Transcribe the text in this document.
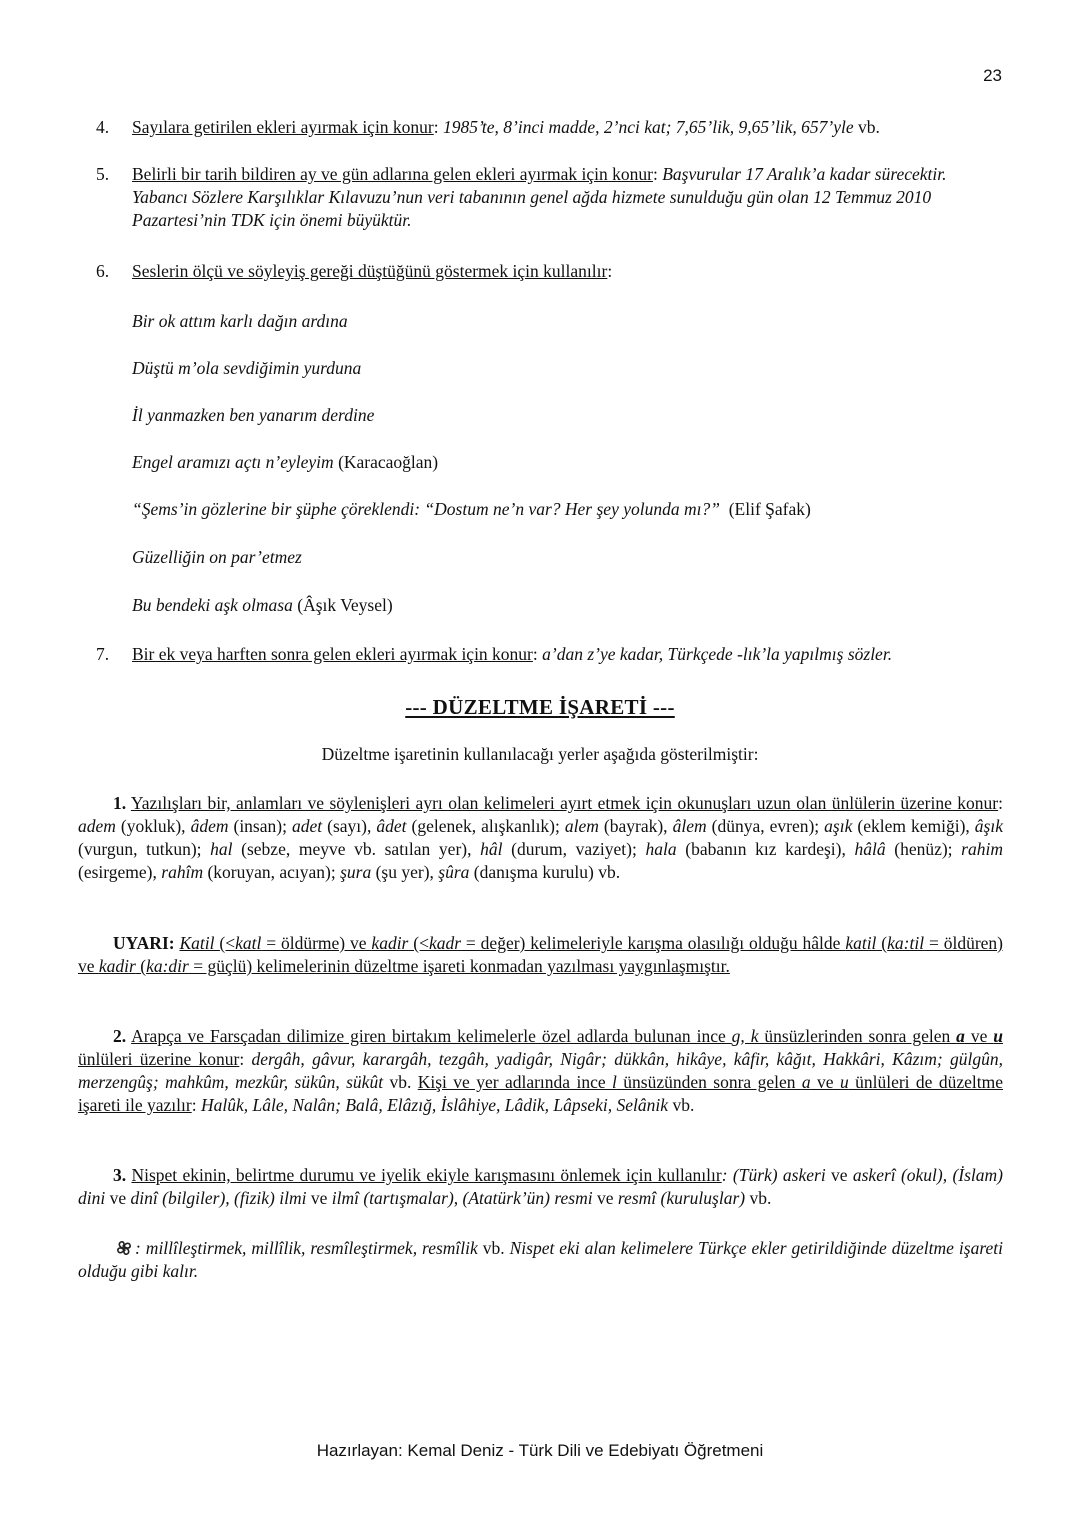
23
4.	Sayılara getirilen ekleri ayırmak için konur: 1985’te, 8’inci madde, 2’nci kat; 7,65’lik, 9,65’lik, 657’yle vb.
5.	Belirli bir tarih bildiren ay ve gün adlarına gelen ekleri ayırmak için konur: Başvurular 17 Aralık’a kadar sürecektir. Yabancı Sözlere Karşılıklar Kılavuzu’nun veri tabanının genel ağda hizmete sunulduğu gün olan 12 Temmuz 2010 Pazartesi’nin TDK için önemi büyüktür.
6.	Seslerin ölçü ve söyleyiş gereği düştüğünü göstermek için kullanılır:
Bir ok attım karlı dağın ardına
Düştü m’ola sevdiğimin yurduna
İl yanmazken ben yanarım derdine
Engel aramızı açtı n’eyleyim (Karacaoğlan)
“Şems’in gözlerine bir şüphe çöreklendi: “Dostum ne’n var? Her şey yolunda mı?”  (Elif Şafak)
Güzelliğin on par’etmez
Bu bendeki aşk olmasa (Âşık Veysel)
7.	Bir ek veya harften sonra gelen ekleri ayırmak için konur: a’dan z’ye kadar, Türkçede -lık’la yapılmış sözler.
--- DÜZELTME İŞARETİ ---
Düzeltme işaretinin kullanılacağı yerler aşağıda gösterilmiştir:
1. Yazılışları bir, anlamları ve söylenişleri ayrı olan kelimeleri ayırt etmek için okunuşları uzun olan ünlülerin üzerine konur: adem (yokluk), âdem (insan); adet (sayı), âdet (gelenek, alışkanlık); alem (bayrak), âlem (dünya, evren); aşık (eklem kemiği), âşık (vurgun, tutkun); hal (sebze, meyve vb. satılan yer), hâl (durum, vaziyet); hala (babanın kız kardeşi), hâlâ (henüz); rahim (esirgeme), rahîm (koruyan, acıyan); şura (şu yer), şûra (danışma kurulu) vb.
UYARI: Katil (<katl = öldürme) ve kadir (<kadr = değer) kelimeleriyle karışma olasılığı olduğu hâlde katil (ka:til = öldüren) ve kadir (ka:dir = güçlü) kelimelerinin düzeltme işareti konmadan yazılması yaygınlaşmıştır.
2. Arapça ve Farsçadan dilimize giren birtakım kelimelerle özel adlarda bulunan ince g, k ünsüzlerinden sonra gelen a ve u ünlüleri üzerine konur: dergâh, gâvur, karargâh, tezgâh, yadigâr, Nigâr; dükkân, hikâye, kâfir, kâğıt, Hakkâri, Kâzım; gülgûn, merzengûş; mahkûm, mezkûr, sükûn, sükût vb. Kişi ve yer adlarında ince l ünsüzünden sonra gelen a ve u ünlüleri de düzeltme işareti ile yazılır: Halûk, Lâle, Nalân; Balâ, Elâzığ, İslâhiye, Lâdik, Lâpseki, Selânik vb.
3. Nispet ekinin, belirtme durumu ve iyelik ekiyle karışmasını önlemek için kullanılır: (Türk) askeri ve askerî (okul), (İslam) dini ve dinî (bilgiler), (fizik) ilmi ve ilmî (tartışmalar), (Atatürk’ün) resmi ve resmî (kuruluşlar) vb.
: millîleştirmek, millîlik, resmîleştirmek, resmîlik vb. Nispet eki alan kelimelere Türkçe ekler getirildiğinde düzeltme işareti olduğu gibi kalır.
Hazırlayan: Kemal Deniz - Türk Dili ve Edebiyatı Öğretmeni
